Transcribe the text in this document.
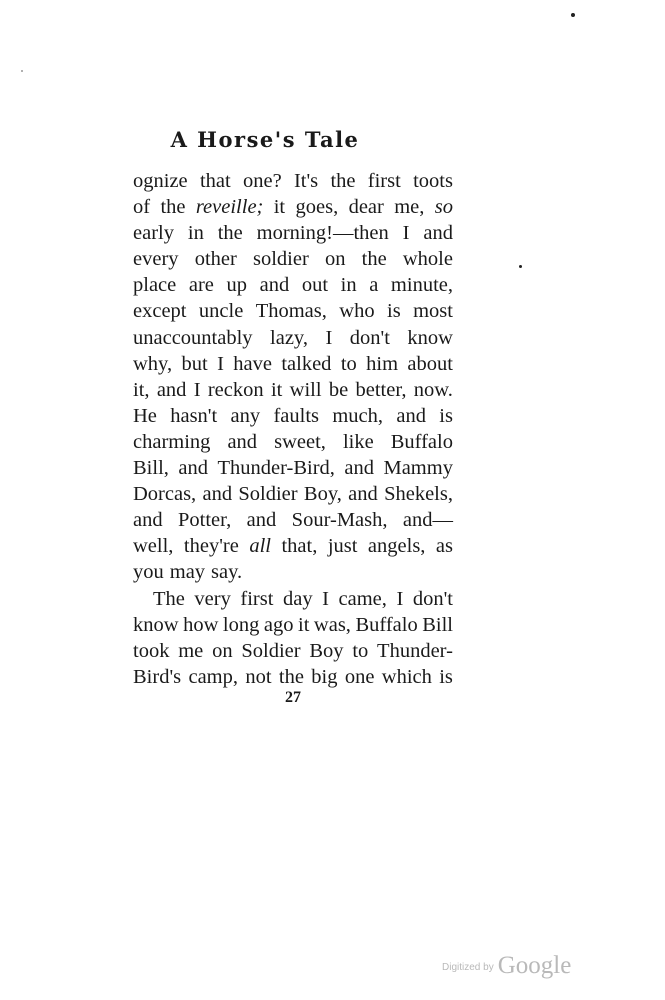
A Horse's Tale
ognize that one? It's the first toots
of the reveille; it goes, dear me, so
early in the morning!—then I and
every other soldier on the whole
place are up and out in a minute,
except uncle Thomas, who is most
unaccountably lazy, I don't know
why, but I have talked to him about
it, and I reckon it will be better, now.
He hasn't any faults much, and is
charming and sweet, like Buffalo
Bill, and Thunder-Bird, and Mammy
Dorcas, and Soldier Boy, and Shekels,
and Potter, and Sour-Mash, and—
well, they're all that, just angels, as
you may say.
The very first day I came, I don't
know how long ago it was, Buffalo Bill
took me on Soldier Boy to Thunder-
Bird's camp, not the big one which is
27
Digitized by Google
